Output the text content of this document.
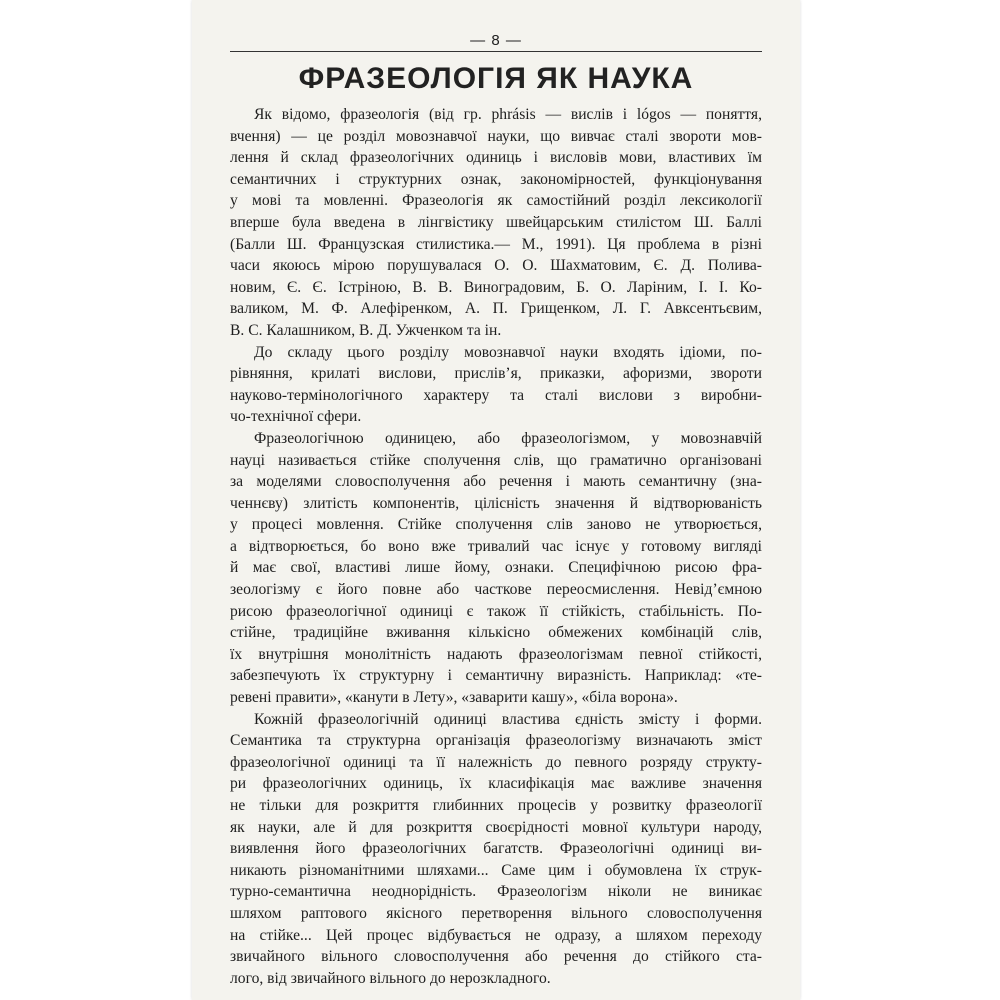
— 8 —
ФРАЗЕОЛОГІЯ ЯК НАУКА
Як відомо, фразеологія (від гр. phrásis — вислів і lógos — поняття,
вчення) — це розділ мовознавчої науки, що вивчає сталі звороти мов-
лення й склад фразеологічних одиниць і висловів мови, властивих їм
семантичних і структурних ознак, закономірностей, функціонування
у мові та мовленні. Фразеологія як самостійний розділ лексикології
вперше була введена в лінгвістику швейцарським стилістом Ш. Баллі
(Балли Ш. Французская стилистика.— М., 1991). Ця проблема в різні
часи якоюсь мірою порушувалася О. О. Шахматовим, Є. Д. Полива-
новим, Є. Є. Істріною, В. В. Виноградовим, Б. О. Ларіним, І. І. Ко-
валиком, М. Ф. Алефіренком, А. П. Грищенком, Л. Г. Авксентьєвим,
В. С. Калашником, В. Д. Ужченком та ін.
До складу цього розділу мовознавчої науки входять ідіоми, по-
рівняння, крилаті вислови, прислів’я, приказки, афоризми, звороти
науково-термінологічного характеру та сталі вислови з виробни-
чо-технічної сфери.
Фразеологічною одиницею, або фразеологізмом, у мовознавчій
науці називається стійке сполучення слів, що граматично організовані
за моделями словосполучення або речення і мають семантичну (зна-
ченнєву) злитість компонентів, цілісність значення й відтворюваність
у процесі мовлення. Стійке сполучення слів заново не утворюється,
а відтворюється, бо воно вже тривалий час існує у готовому вигляді
й має свої, властиві лише йому, ознаки. Специфічною рисою фра-
зеологізму є його повне або часткове переосмислення. Невід’ємною
рисою фразеологічної одиниці є також її стійкість, стабільність. По-
стійне, традиційне вживання кількісно обмежених комбінацій слів,
їх внутрішня монолітність надають фразеологізмам певної стійкості,
забезпечують їх структурну і семантичну виразність. Наприклад: «те-
ревені правити», «канути в Лету», «заварити кашу», «біла ворона».
Кожній фразеологічній одиниці властива єдність змісту і форми.
Семантика та структурна організація фразеологізму визначають зміст
фразеологічної одиниці та її належність до певного розряду структу-
ри фразеологічних одиниць, їх класифікація має важливе значення
не тільки для розкриття глибинних процесів у розвитку фразеології
як науки, але й для розкриття своєрідності мовної культури народу,
виявлення його фразеологічних багатств. Фразеологічні одиниці ви-
никають різноманітними шляхами... Саме цим і обумовлена їх струк-
турно-семантична неоднорідність. Фразеологізм ніколи не виникає
шляхом раптового якісного перетворення вільного словосполучення
на стійке... Цей процес відбувається не одразу, а шляхом переходу
звичайного вільного словосполучення або речення до стійкого ста-
лого, від звичайного вільного до нерозкладного.
